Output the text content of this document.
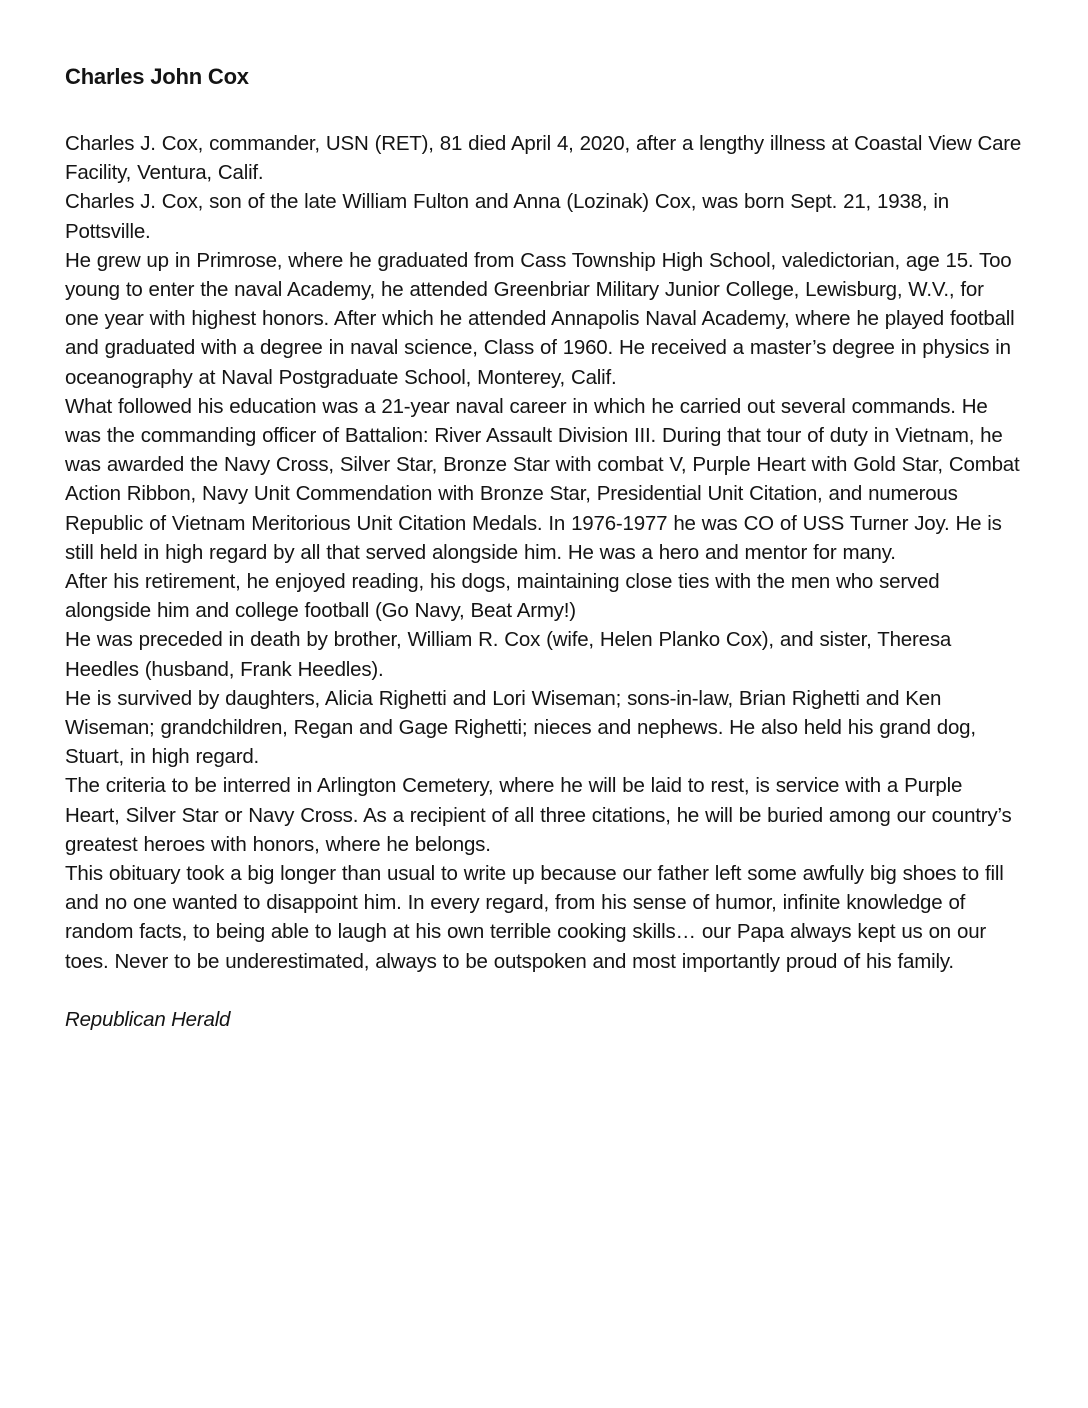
Charles John Cox

Charles J. Cox, commander, USN (RET), 81 died April 4, 2020, after a lengthy illness at Coastal View Care Facility, Ventura, Calif.

Charles J. Cox, son of the late William Fulton and Anna (Lozinak) Cox, was born Sept. 21, 1938, in Pottsville.

He grew up in Primrose, where he graduated from Cass Township High School, valedictorian, age 15. Too young to enter the naval Academy, he attended Greenbriar Military Junior College, Lewisburg, W.V., for one year with highest honors. After which he attended Annapolis Naval Academy, where he played football and graduated with a degree in naval science, Class of 1960. He received a master’s degree in physics in oceanography at Naval Postgraduate School, Monterey, Calif.

What followed his education was a 21-year naval career in which he carried out several commands. He was the commanding officer of Battalion: River Assault Division III. During that tour of duty in Vietnam, he was awarded the Navy Cross, Silver Star, Bronze Star with combat V, Purple Heart with Gold Star, Combat Action Ribbon, Navy Unit Commendation with Bronze Star, Presidential Unit Citation, and numerous Republic of Vietnam Meritorious Unit Citation Medals. In 1976-1977 he was CO of USS Turner Joy. He is still held in high regard by all that served alongside him. He was a hero and mentor for many.

After his retirement, he enjoyed reading, his dogs, maintaining close ties with the men who served alongside him and college football (Go Navy, Beat Army!)

He was preceded in death by brother, William R. Cox (wife, Helen Planko Cox), and sister, Theresa Heedles (husband, Frank Heedles).

He is survived by daughters, Alicia Righetti and Lori Wiseman; sons-in-law, Brian Righetti and Ken Wiseman; grandchildren, Regan and Gage Righetti; nieces and nephews. He also held his grand dog, Stuart, in high regard.

The criteria to be interred in Arlington Cemetery, where he will be laid to rest, is service with a Purple Heart, Silver Star or Navy Cross. As a recipient of all three citations, he will be buried among our country’s greatest heroes with honors, where he belongs.

This obituary took a big longer than usual to write up because our father left some awfully big shoes to fill and no one wanted to disappoint him. In every regard, from his sense of humor, infinite knowledge of random facts, to being able to laugh at his own terrible cooking skills… our Papa always kept us on our toes. Never to be underestimated, always to be outspoken and most importantly proud of his family.

Republican Herald
